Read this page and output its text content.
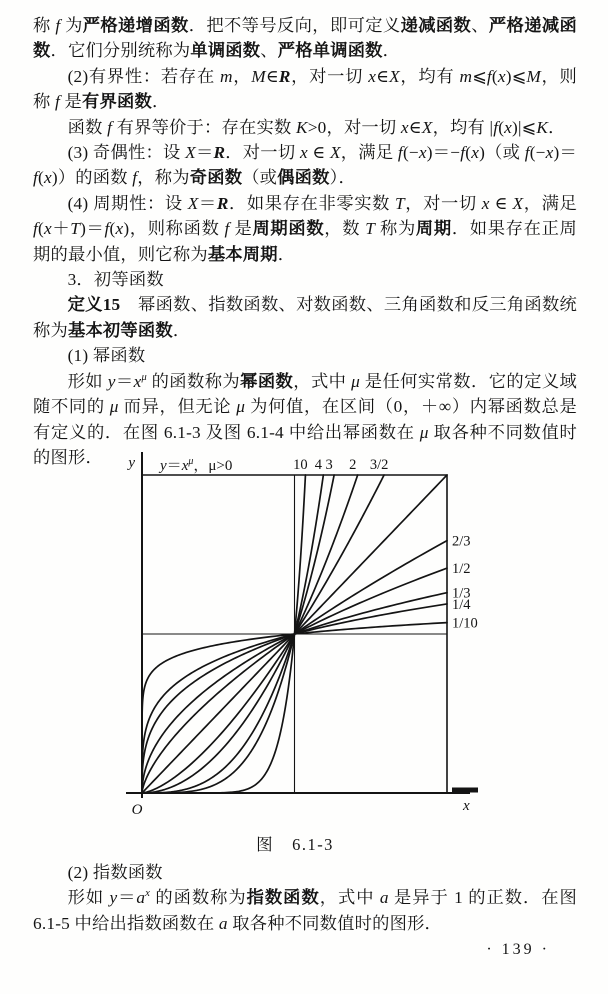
称 f 为严格递增函数．把不等号反向，即可定义递减函数、严格递减函数．它们分别统称为单调函数、严格单调函数．

(2)有界性：若存在 m，M∈R，对一切 x∈X，均有 m⩽f(x)⩽M，则称 f 是有界函数．

函数 f 有界等价于：存在实数 K>0，对一切 x∈X，均有 |f(x)|⩽K．

(3) 奇偶性：设 X＝R．对一切 x ∈ X，满足 f(−x)＝−f(x)（或 f(−x)＝f(x)）的函数 f，称为奇函数（或偶函数）．

(4) 周期性：设 X＝R．如果存在非零实数 T，对一切 x ∈ X，满足 f(x＋T)＝f(x)，则称函数 f 是周期函数，数 T 称为周期．如果存在正周期的最小值，则它称为基本周期．

3．初等函数

定义15　幂函数、指数函数、对数函数、三角函数和反三角函数统称为基本初等函数．

(1) 幂函数

形如 $y=x^\mu$ 的函数称为幂函数，式中 μ 是任何实常数．它的定义域随不同的 μ 而异，但无论 μ 为何值，在区间（0，＋∞）内幂函数总是有定义的．在图 6.1-3 及图 6.1-4 中给出幂函数在 μ 取各种不同数值时的图形．	10 4 3 2 3/2
2/3
1/2
1/3
1/4
1/10
y
x
O
$y=x^\mu$，μ>0
图　6.1-3

(2) 指数函数

形如 $y=a^x$ 的函数称为指数函数，式中 a 是异于 1 的正数．在图 6.1-5 中给出指数函数在 a 取各种不同数值时的图形．

· 139 ·
